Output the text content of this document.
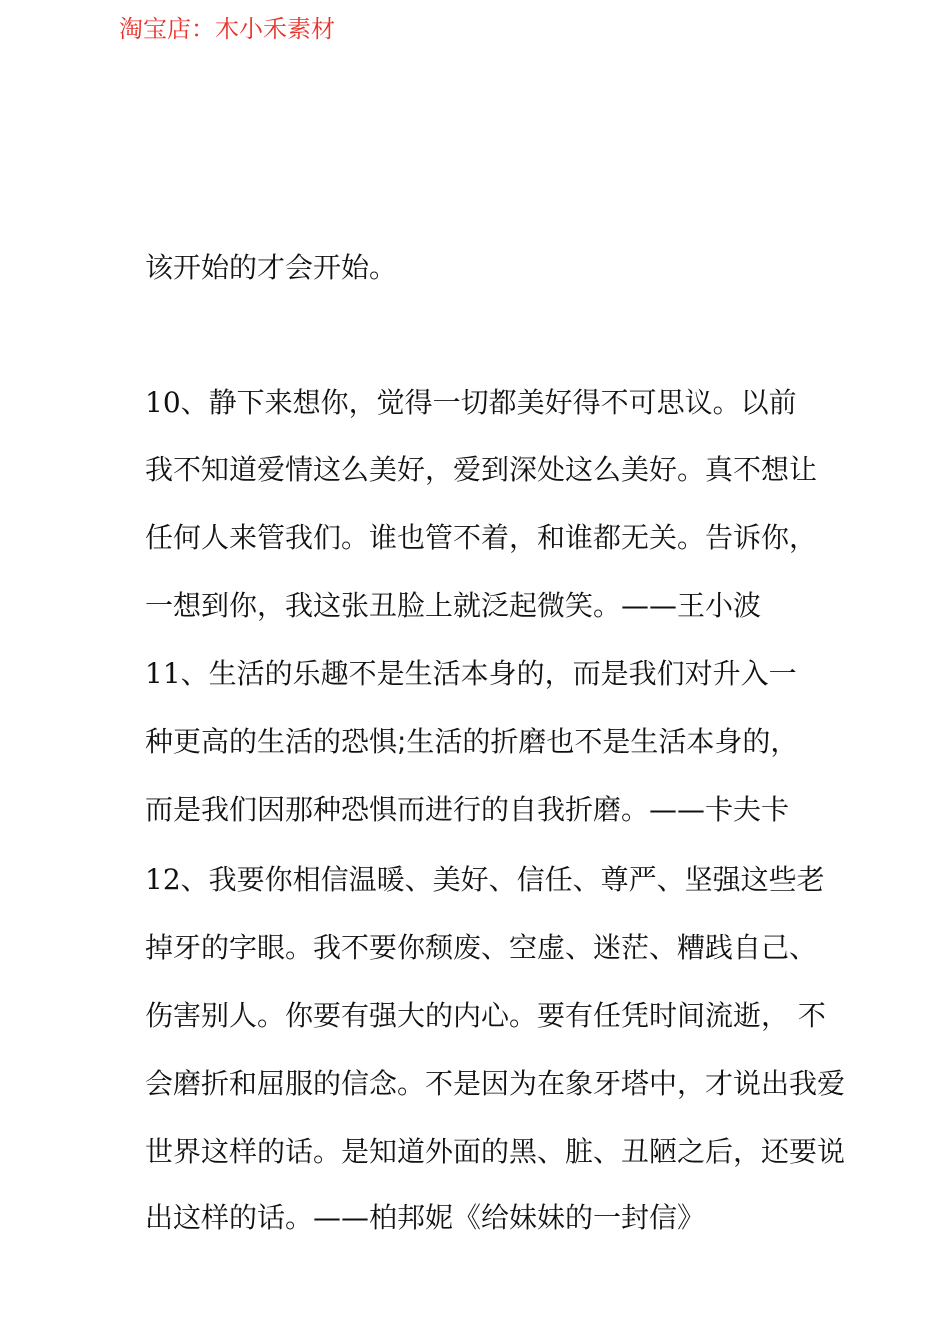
淘宝店：木小禾素材
该开始的才会开始。
10、静下来想你，觉得一切都美好得不可思议。以前
我不知道爱情这么美好，爱到深处这么美好。真不想让
任何人来管我们。谁也管不着，和谁都无关。告诉你，
一想到你，我这张丑脸上就泛起微笑。——王小波
11、生活的乐趣不是生活本身的，而是我们对升入一
种更高的生活的恐惧;生活的折磨也不是生活本身的，
而是我们因那种恐惧而进行的自我折磨。——卡夫卡
12、我要你相信温暖、美好、信任、尊严、坚强这些老
掉牙的字眼。我不要你颓废、空虚、迷茫、糟践自己、
伤害别人。你要有强大的内心。要有任凭时间流逝， 不
会磨折和屈服的信念。不是因为在象牙塔中，才说出我爱
世界这样的话。是知道外面的黑、脏、丑陋之后，还要说
出这样的话。——柏邦妮《给妹妹的一封信》
